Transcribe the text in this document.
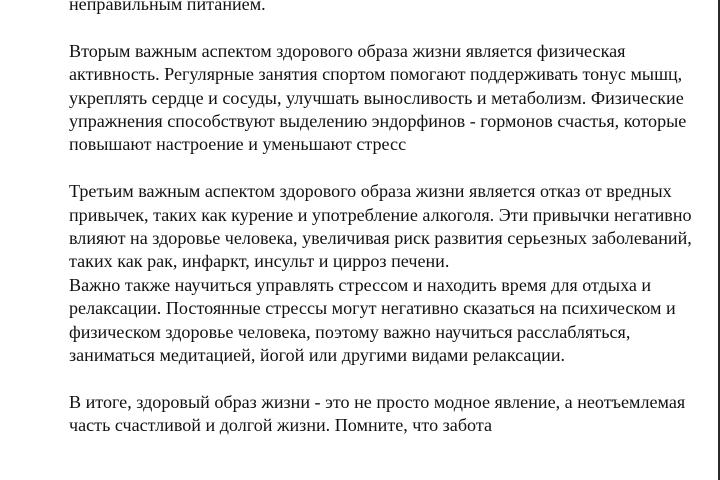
неправильным питанием.

Вторым важным аспектом здорового образа жизни является физическая активность. Регулярные занятия спортом помогают поддерживать тонус мышц, укреплять сердце и сосуды, улучшать выносливость и метаболизм. Физические упражнения способствуют выделению эндорфинов - гормонов счастья, которые повышают настроение и уменьшают стресс

Третьим важным аспектом здорового образа жизни является отказ от вредных привычек, таких как курение и употребление алкоголя. Эти привычки негативно влияют на здоровье человека, увеличивая риск развития серьезных заболеваний, таких как рак, инфаркт, инсульт и цирроз печени.

Важно также научиться управлять стрессом и находить время для отдыха и релаксации. Постоянные стрессы могут негативно сказаться на психическом и физическом здоровье человека, поэтому важно научиться расслабляться, заниматься медитацией, йогой или другими видами релаксации.

В итоге, здоровый образ жизни - это не просто модное явление, а неотъемлемая часть счастливой и долгой жизни. Помните, что забота
